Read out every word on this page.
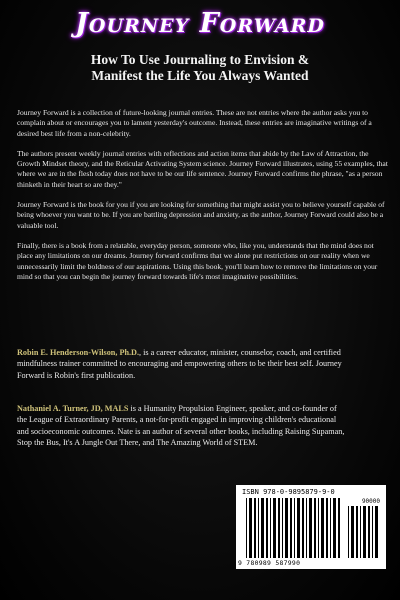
Journey Forward
How To Use Journaling to Envision &
Manifest the Life You Always Wanted

Journey Forward is a collection of future-looking journal entries. These are not entries where the author asks you to complain about or encourages you to lament yesterday's outcome. Instead, these entries are imaginative writings of a desired best life from a non-celebrity.

The authors present weekly journal entries with reflections and action items that abide by the Law of Attraction, the Growth Mindset theory, and the Reticular Activating System science. Journey Forward illustrates, using 55 examples, that where we are in the flesh today does not have to be our life sentence. Journey Forward confirms the phrase, "as a person thinketh in their heart so are they."

Journey Forward is the book for you if you are looking for something that might assist you to believe yourself capable of being whoever you want to be. If you are battling depression and anxiety, as the author, Journey Forward could also be a valuable tool.

Finally, there is a book from a relatable, everyday person, someone who, like you, understands that the mind does not place any limitations on our dreams. Journey forward confirms that we alone put restrictions on our reality when we unnecessarily limit the boldness of our aspirations. Using this book, you'll learn how to remove the limitations on your mind so that you can begin the journey forward towards life's most imaginative possibilities.

Robin E. Henderson-Wilson, Ph.D., is a career educator, minister, counselor, coach, and certified mindfulness trainer committed to encouraging and empowering others to be their best self. Journey Forward is Robin's first publication.
Nathaniel A. Turner, JD, MALS is a Humanity Propulsion Engineer, speaker, and co-founder of the League of Extraordinary Parents, a not-for-profit engaged in improving children's educational and socioeconomic outcomes. Nate is an author of several other books, including Raising Supaman, Stop the Bus, It's A Jungle Out There, and The Amazing World of STEM.
ISBN 978-0-9895879-9-0
90000
9 780989 587990
